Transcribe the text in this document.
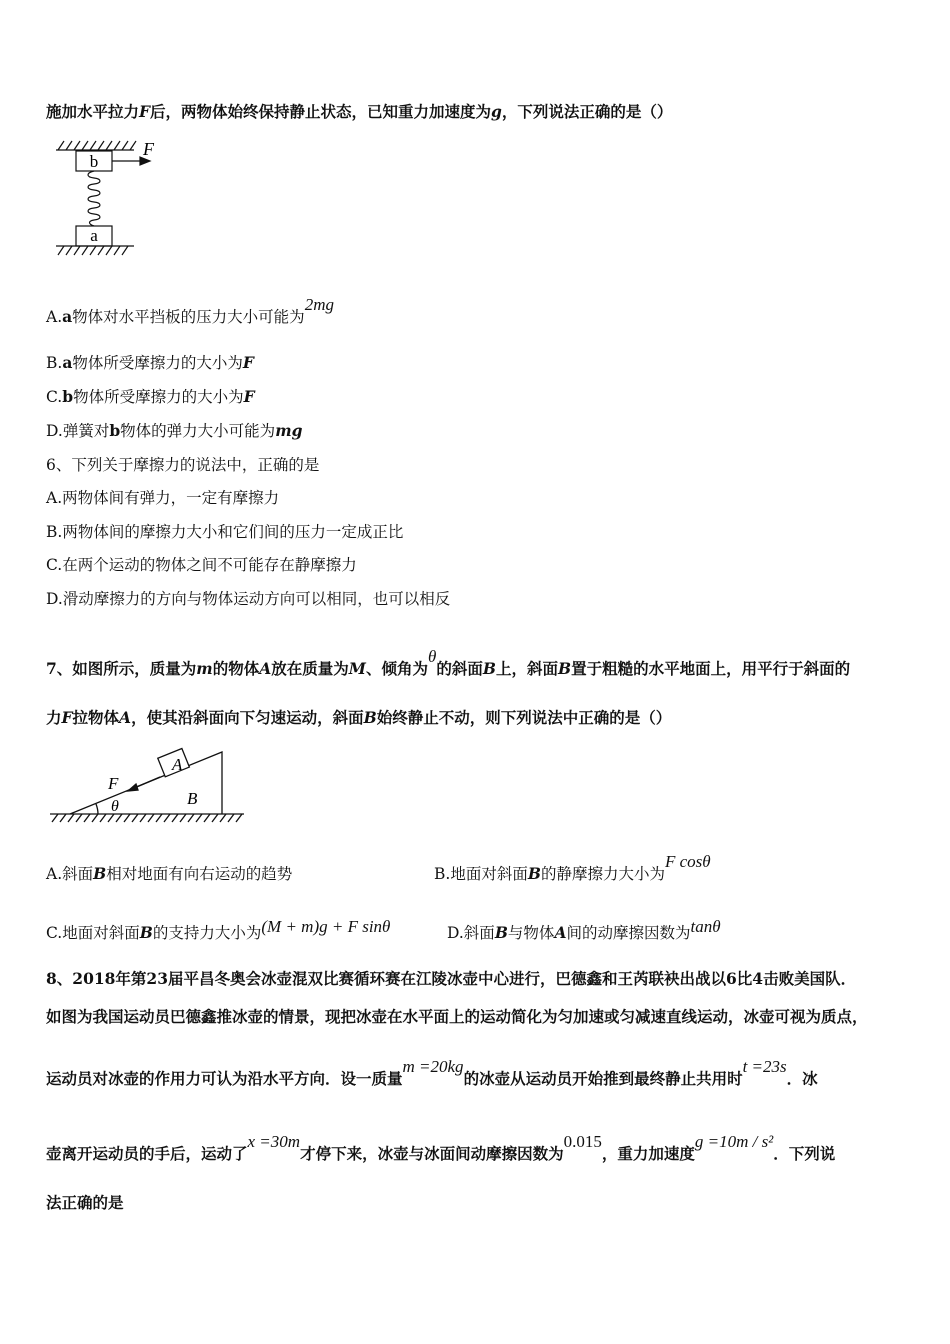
施加水平拉力F后，两物体始终保持静止状态，已知重力加速度为g，下列说法正确的是（）
b
a
F
A.a物体对水平挡板的压力大小可能为2mg
B.a物体所受摩擦力的大小为F
C.b物体所受摩擦力的大小为F
D.弹簧对b物体的弹力大小可能为mg
6、下列关于摩擦力的说法中，正确的是
A.两物体间有弹力，一定有摩擦力
B.两物体间的摩擦力大小和它们间的压力一定成正比
C.在两个运动的物体之间不可能存在静摩擦力
D.滑动摩擦力的方向与物体运动方向可以相同，也可以相反
7、如图所示，质量为m的物体A放在质量为M、倾角为θ的斜面B上，斜面B置于粗糙的水平地面上，用平行于斜面的
力F拉物体A，使其沿斜面向下匀速运动，斜面B始终静止不动，则下列说法中正确的是（）
A
B
F
θ
A.斜面B相对地面有向右运动的趋势	B.地面对斜面B的静摩擦力大小为F cosθ
C.地面对斜面B的支持力大小为(M + m)g + F sinθ	D.斜面B与物体A间的动摩擦因数为tanθ
8、2018年第23届平昌冬奥会冰壶混双比赛循环赛在江陵冰壶中心进行，巴德鑫和王芮联袂出战以6比4击败美国队．
如图为我国运动员巴德鑫推冰壶的情景，现把冰壶在水平面上的运动简化为匀加速或匀减速直线运动，冰壶可视为质点，
运动员对冰壶的作用力可认为沿水平方向．设一质量m =20kg的冰壶从运动员开始推到最终静止共用时t =23s．冰
壶离开运动员的手后，运动了x =30m才停下来，冰壶与冰面间动摩擦因数为0.015，重力加速度g =10m / s²．下列说
法正确的是
